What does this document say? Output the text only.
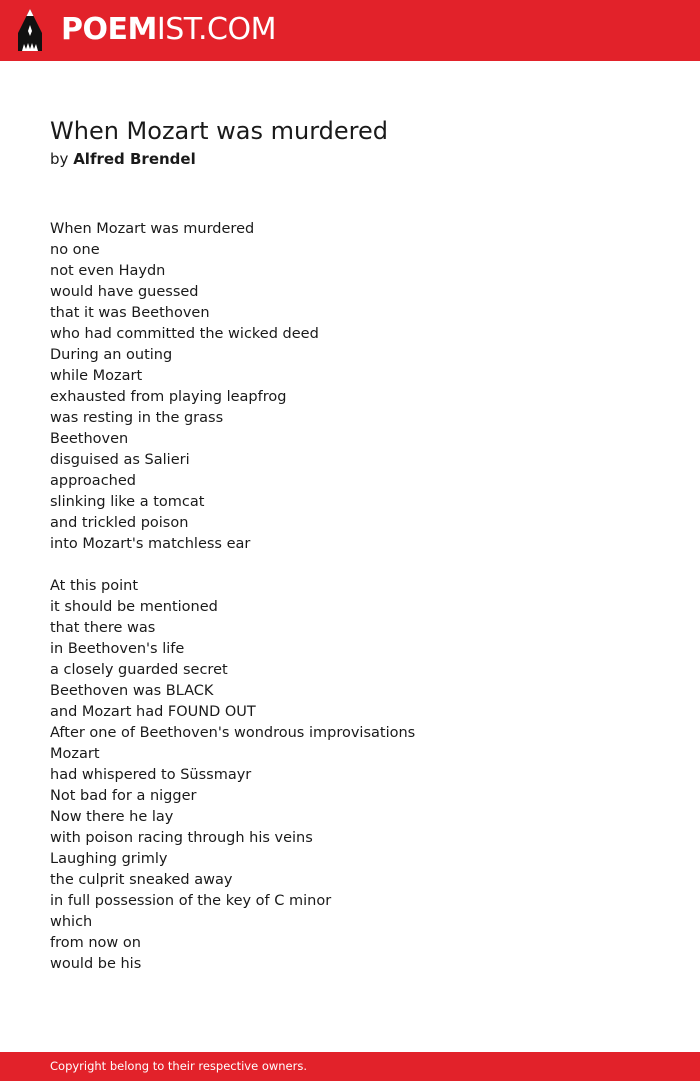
POEMIST.COM
When Mozart was murdered

by Alfred Brendel

When Mozart was murdered
no one
not even Haydn
would have guessed
that it was Beethoven
who had committed the wicked deed
During an outing
while Mozart
exhausted from playing leapfrog
was resting in the grass
Beethoven
disguised as Salieri
approached
slinking like a tomcat
and trickled poison
into Mozart's matchless ear

At this point
it should be mentioned
that there was
in Beethoven's life
a closely guarded secret
Beethoven was BLACK
and Mozart had FOUND OUT
After one of Beethoven's wondrous improvisations
Mozart
had whispered to Süssmayr
Not bad for a nigger
Now there he lay
with poison racing through his veins
Laughing grimly
the culprit sneaked away
in full possession of the key of C minor
which
from now on
would be his

Copyright belong to their respective owners.
